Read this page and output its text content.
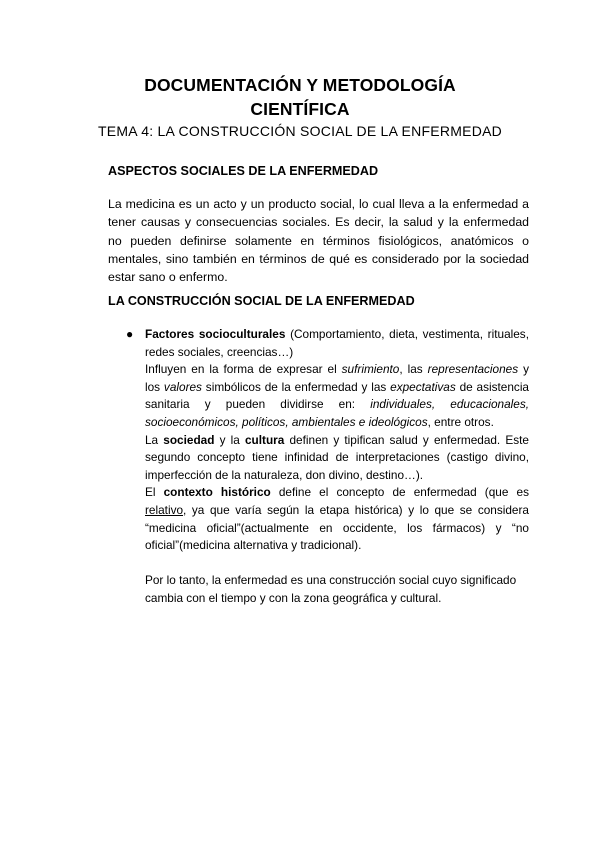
DOCUMENTACIÓN Y METODOLOGÍA
CIENTÍFICA

TEMA 4: LA CONSTRUCCIÓN SOCIAL DE LA ENFERMEDAD

ASPECTOS SOCIALES DE LA ENFERMEDAD

La medicina es un acto y un producto social, lo cual lleva a la enfermedad a tener causas y consecuencias sociales. Es decir, la salud y la enfermedad no pueden definirse solamente en términos fisiológicos, anatómicos o mentales, sino también en términos de qué es considerado por la sociedad estar sano o enfermo.

LA CONSTRUCCIÓN SOCIAL DE LA ENFERMEDAD
● Factores socioculturales (Comportamiento, dieta, vestimenta, rituales, redes sociales, creencias…)

Influyen en la forma de expresar el sufrimiento, las representaciones y los valores simbólicos de la enfermedad y las expectativas de asistencia sanitaria y pueden dividirse en: individuales, educacionales, socioeconómicos, políticos, ambientales e ideológicos, entre otros.

La sociedad y la cultura definen y tipifican salud y enfermedad. Este segundo concepto tiene infinidad de interpretaciones (castigo divino, imperfección de la naturaleza, don divino, destino…).

El contexto histórico define el concepto de enfermedad (que es relativo, ya que varía según la etapa histórica) y lo que se considera “medicina oficial”(actualmente en occidente, los fármacos) y “no oficial”(medicina alternativa y tradicional).

Por lo tanto, la enfermedad es una construcción social cuyo significado cambia con el tiempo y con la zona geográfica y cultural.
